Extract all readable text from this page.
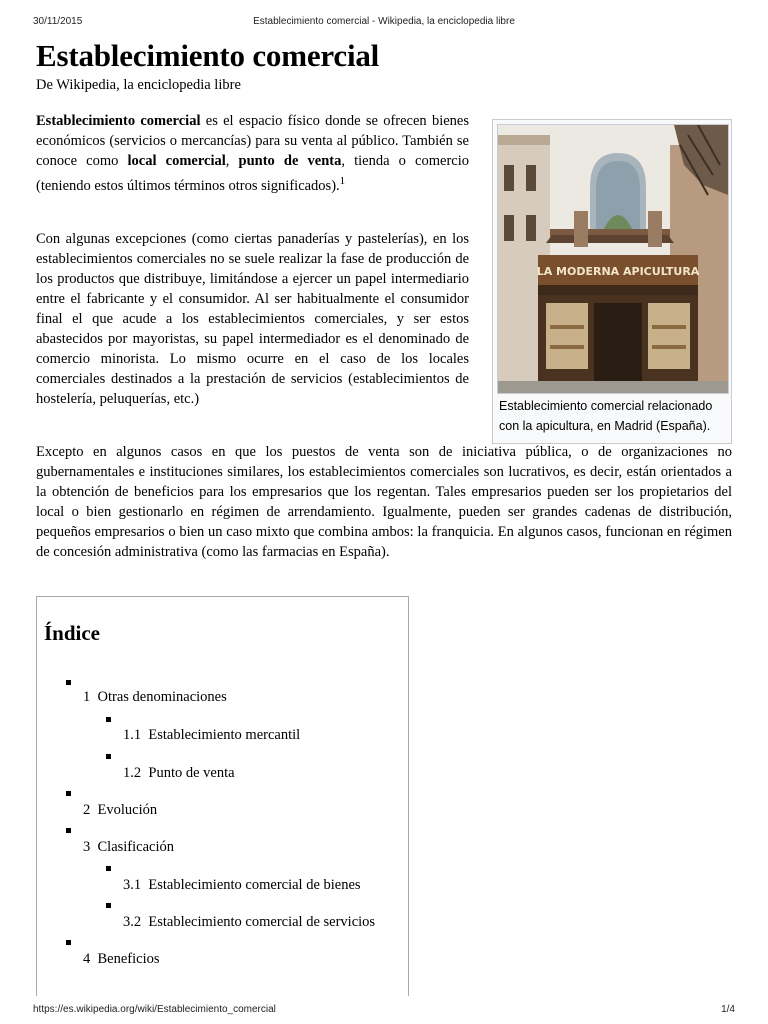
30/11/2015	Establecimiento comercial - Wikipedia, la enciclopedia libre
Establecimiento comercial
De Wikipedia, la enciclopedia libre

Establecimiento comercial es el espacio físico donde se ofrecen bienes económicos (servicios o mercancías) para su venta al público. También se conoce como local comercial, punto de venta, tienda o comercio (teniendo estos últimos términos otros significados).$^1$

Con algunas excepciones (como ciertas panaderías y pastelerías), en los establecimientos comerciales no se suele realizar la fase de producción de los productos que distribuye, limitándose a ejercer un papel intermediario entre el fabricante y el consumidor. Al ser habitualmente el consumidor final el que acude a los establecimientos comerciales, y ser estos abastecidos por mayoristas, su papel intermediador es el denominado de comercio minorista. Lo mismo ocurre en el caso de los locales comerciales destinados a la prestación de servicios (establecimientos de hostelería, peluquerías, etc.)

LA MODERNA APICULTURA
Establecimiento comercial relacionado con la apicultura, en Madrid (España).

Excepto en algunos casos en que los puestos de venta son de iniciativa pública, o de organizaciones no gubernamentales e instituciones similares, los establecimientos comerciales son lucrativos, es decir, están orientados a la obtención de beneficios para los empresarios que los regentan. Tales empresarios pueden ser los propietarios del local o bien gestionarlo en régimen de arrendamiento. Igualmente, pueden ser grandes cadenas de distribución, pequeños empresarios o bien un caso mixto que combina ambos: la franquicia. En algunos casos, funcionan en régimen de concesión administrativa (como las farmacias en España).

Índice
1 Otras denominaciones
1.1 Establecimiento mercantil
1.2 Punto de venta
2 Evolución
3 Clasificación
3.1 Establecimiento comercial de bienes
3.2 Establecimiento comercial de servicios
4 Beneficios
https://es.wikipedia.org/wiki/Establecimiento_comercial	1/4
